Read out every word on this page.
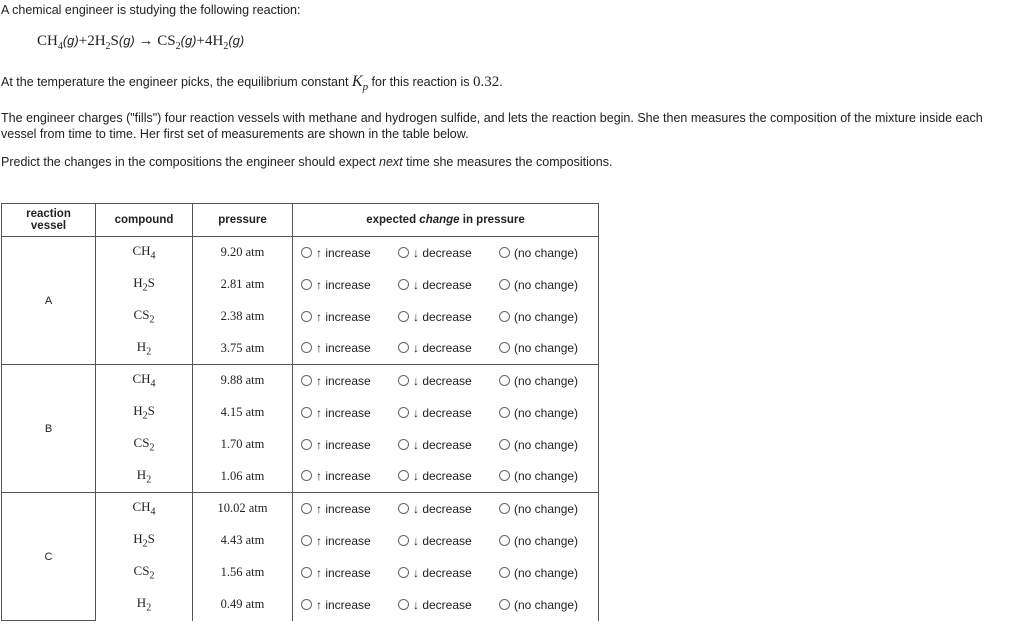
A chemical engineer is studying the following reaction:
$CH_4(g)+2H_2S(g) \to CS_2(g)+4H_2(g)$
At the temperature the engineer picks, the equilibrium constant $K_p$ for this reaction is 0.32.
The engineer charges ("fills") four reaction vessels with methane and hydrogen sulfide, and lets the reaction begin. She then measures the composition of the mixture inside each vessel from time to time. Her first set of measurements are shown in the table below.
Predict the changes in the compositions the engineer should expect next time she measures the compositions.
reaction
vessel	compound	pressure	expected change in pressure
A	$CH_4$	9.20 atm	↑ increase ↓ decrease (no change)
	$H_2S$	2.81 atm	↑ increase ↓ decrease (no change)
	$CS_2$	2.38 atm	↑ increase ↓ decrease (no change)
	$H_2$	3.75 atm	↑ increase ↓ decrease (no change)
B	$CH_4$	9.88 atm	↑ increase ↓ decrease (no change)
	$H_2S$	4.15 atm	↑ increase ↓ decrease (no change)
	$CS_2$	1.70 atm	↑ increase ↓ decrease (no change)
	$H_2$	1.06 atm	↑ increase ↓ decrease (no change)
C	$CH_4$	10.02 atm	↑ increase ↓ decrease (no change)
	$H_2S$	4.43 atm	↑ increase ↓ decrease (no change)
	$CS_2$	1.56 atm	↑ increase ↓ decrease (no change)
	$H_2$	0.49 atm	↑ increase ↓ decrease (no change)
